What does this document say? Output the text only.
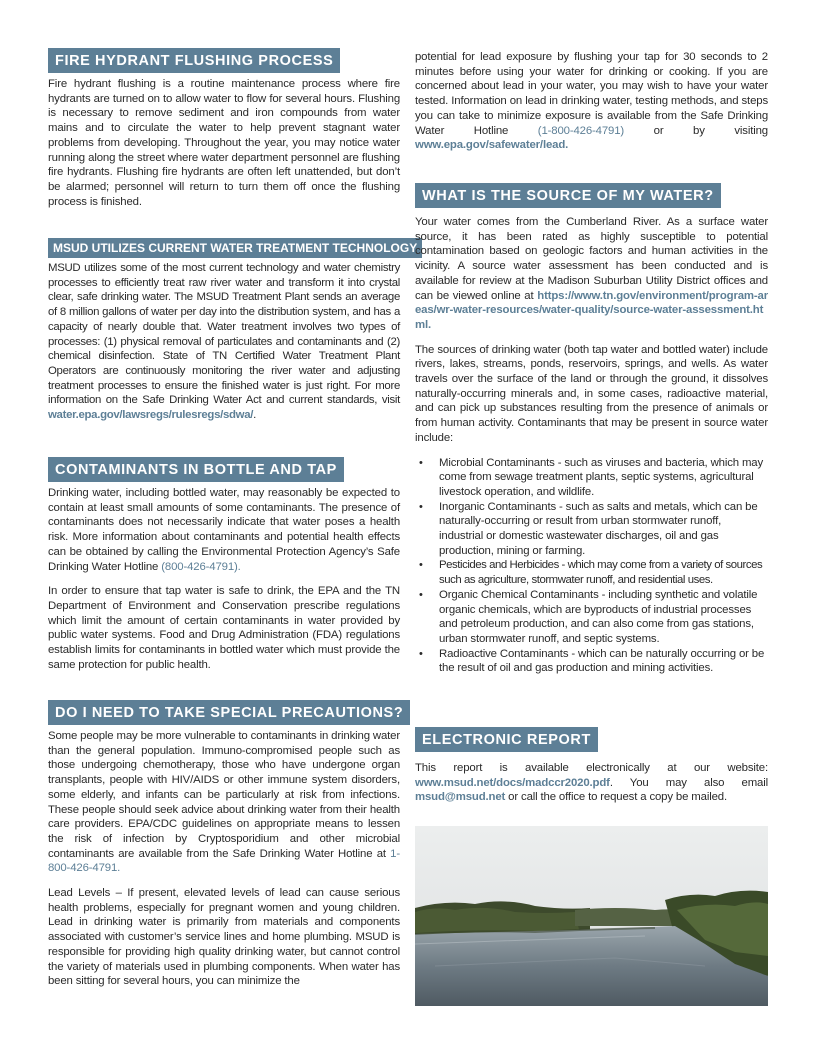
FIRE HYDRANT FLUSHING PROCESS

Fire hydrant flushing is a routine maintenance process where fire hydrants are turned on to allow water to flow for several hours. Flushing is necessary to remove sediment and iron compounds from water mains and to circulate the water to help prevent stagnant water problems from developing. Throughout the year, you may notice water running along the street where water department personnel are flushing fire hydrants. Flushing fire hydrants are often left unattended, but don’t be alarmed; personnel will return to turn them off once the flushing process is finished.

MSUD UTILIZES CURRENT WATER TREATMENT TECHNOLOGY

MSUD utilizes some of the most current technology and water chemistry processes to efficiently treat raw river water and transform it into crystal clear, safe drinking water. The MSUD Treatment Plant sends an average of 8 million gallons of water per day into the distribution system, and has a capacity of nearly double that. Water treatment involves two types of processes: (1) physical removal of particulates and contaminants and (2) chemical disinfection. State of TN Certified Water Treatment Plant Operators are continuously monitoring the river water and adjusting treatment processes to ensure the finished water is just right. For more information on the Safe Drinking Water Act and current standards, visit water.epa.gov/lawsregs/rulesregs/sdwa/.

CONTAMINANTS IN BOTTLE AND TAP

Drinking water, including bottled water, may reasonably be expected to contain at least small amounts of some contaminants. The presence of contaminants does not necessarily indicate that water poses a health risk. More information about contaminants and potential health effects can be obtained by calling the Environmental Protection Agency’s Safe Drinking Water Hotline (800-426-4791).

In order to ensure that tap water is safe to drink, the EPA and the TN Department of Environment and Conservation prescribe regulations which limit the amount of certain contaminants in water provided by public water systems. Food and Drug Administration (FDA) regulations establish limits for contaminants in bottled water which must provide the same protection for public health.

DO I NEED TO TAKE SPECIAL PRECAUTIONS?

Some people may be more vulnerable to contaminants in drinking water than the general population. Immuno-compromised people such as those undergoing chemotherapy, those who have undergone organ transplants, people with HIV/AIDS or other immune system disorders, some elderly, and infants can be particularly at risk from infections. These people should seek advice about drinking water from their health care providers. EPA/CDC guidelines on appropriate means to lessen the risk of infection by Cryptosporidium and other microbial contaminants are available from the Safe Drinking Water Hotline at 1-800-426-4791.

Lead Levels – If present, elevated levels of lead can cause serious health problems, especially for pregnant women and young children. Lead in drinking water is primarily from materials and components associated with customer’s service lines and home plumbing. MSUD is responsible for providing high quality drinking water, but cannot control the variety of materials used in plumbing components. When water has been sitting for several hours, you can minimize the

potential for lead exposure by flushing your tap for 30 seconds to 2 minutes before using your water for drinking or cooking. If you are concerned about lead in your water, you may wish to have your water tested. Information on lead in drinking water, testing methods, and steps you can take to minimize exposure is available from the Safe Drinking Water Hotline	(1-800-426-4791) or by visiting www.epa.gov/safewater/lead.

WHAT IS THE SOURCE OF MY WATER?

Your water comes from the Cumberland River. As a surface water source, it has been rated as highly susceptible to potential contamination based on geologic factors and human activities in the vicinity. A source water assessment has been conducted and is available for review at the Madison Suburban Utility District offices and can be viewed online at https://www.tn.gov/environment/program-areas/wr-water-resources/water-quality/source-water-assessment.html.

The sources of drinking water (both tap water and bottled water) include rivers, lakes, streams, ponds, reservoirs, springs, and wells. As water travels over the surface of the land or through the ground, it dissolves naturally-occurring minerals and, in some cases, radioactive material, and can pick up substances resulting from the presence of animals or from human activity. Contaminants that may be present in source water include:

• Microbial Contaminants - such as viruses and bacteria, which may come from sewage treatment plants, septic systems, agricultural livestock operation, and wildlife.
• Inorganic Contaminants - such as salts and metals, which can be naturally-occurring or result from urban stormwater runoff, industrial or domestic wastewater discharges, oil and gas production, mining or farming.
• Pesticides and Herbicides - which may come from a variety of sources such as agriculture, stormwater runoff, and residential uses.
• Organic Chemical Contaminants - including synthetic and volatile organic chemicals, which are byproducts of industrial processes and petroleum production, and can also come from gas stations, urban stormwater runoff, and septic systems.
• Radioactive Contaminants - which can be naturally occurring or be the result of oil and gas production and mining activities.
ELECTRONIC REPORT

This report is available electronically at our website: www.msud.net/docs/madccr2020.pdf. You may also email msud@msud.net or call the office to request a copy be mailed.
